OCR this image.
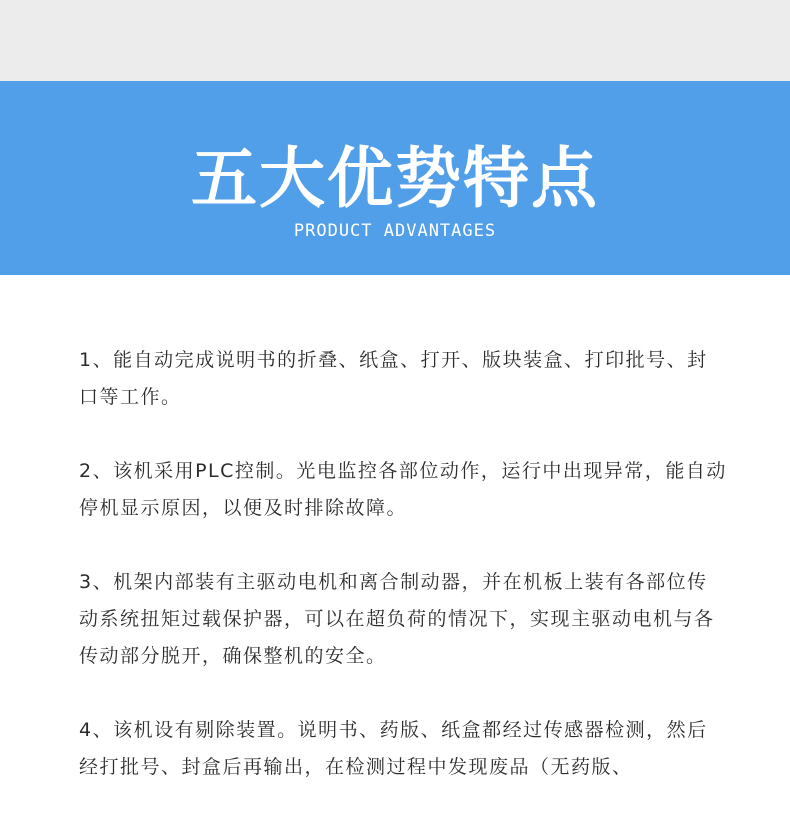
五大优势特点
PRODUCT ADVANTAGES

1、能自动完成说明书的折叠、纸盒、打开、版块装盒、打印批号、封口等工作。

2、该机采用PLC控制。光电监控各部位动作，运行中出现异常，能自动停机显示原因，以便及时排除故障。

3、机架内部装有主驱动电机和离合制动器，并在机板上装有各部位传动系统扭矩过载保护器，可以在超负荷的情况下，实现主驱动电机与各传动部分脱开，确保整机的安全。

4、该机设有剔除装置。说明书、药版、纸盒都经过传感器检测，然后经打批号、封盒后再输出，在检测过程中发现废品（无药版、
